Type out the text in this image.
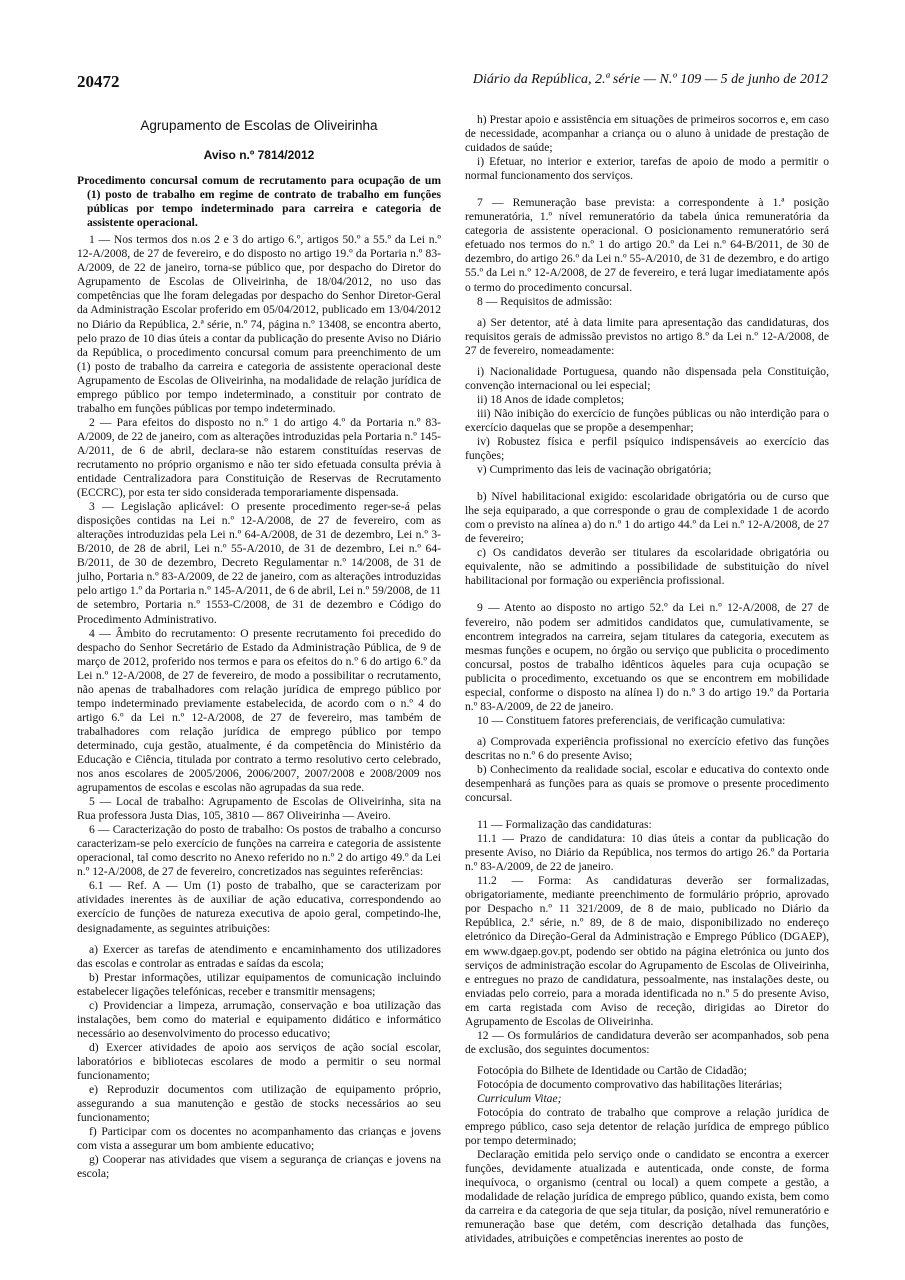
20472	Diário da República, 2.ª série — N.º 109 — 5 de junho de 2012
Agrupamento de Escolas de Oliveirinha
Aviso n.º 7814/2012
Procedimento concursal comum de recrutamento para ocupação de um (1) posto de trabalho em regime de contrato de trabalho em funções públicas por tempo indeterminado para carreira e categoria de assistente operacional.

1 — Nos termos dos n.os 2 e 3 do artigo 6.º, artigos 50.º a 55.º da Lei n.º 12-A/2008, de 27 de fevereiro, e do disposto no artigo 19.º da Portaria n.º 83-A/2009, de 22 de janeiro, torna-se público que, por despacho do Diretor do Agrupamento de Escolas de Oliveirinha, de 18/04/2012, no uso das competências que lhe foram delegadas por despacho do Senhor Diretor-Geral da Administração Escolar proferido em 05/04/2012, publicado em 13/04/2012 no Diário da República, 2.ª série, n.º 74, página n.º 13408, se encontra aberto, pelo prazo de 10 dias úteis a contar da publicação do presente Aviso no Diário da República, o procedimento concursal comum para preenchimento de um (1) posto de trabalho da carreira e categoria de assistente operacional deste Agrupamento de Escolas de Oliveirinha, na modalidade de relação jurídica de emprego público por tempo indeterminado, a constituir por contrato de trabalho em funções públicas por tempo indeterminado.

2 — Para efeitos do disposto no n.º 1 do artigo 4.º da Portaria n.º 83-A/2009, de 22 de janeiro, com as alterações introduzidas pela Portaria n.º 145-A/2011, de 6 de abril, declara-se não estarem constituídas reservas de recrutamento no próprio organismo e não ter sido efetuada consulta prévia à entidade Centralizadora para Constituição de Reservas de Recrutamento (ECCRC), por esta ter sido considerada temporariamente dispensada.

3 — Legislação aplicável: O presente procedimento reger-se-á pelas disposições contidas na Lei n.º 12-A/2008, de 27 de fevereiro, com as alterações introduzidas pela Lei n.º 64-A/2008, de 31 de dezembro, Lei n.º 3-B/2010, de 28 de abril, Lei n.º 55-A/2010, de 31 de dezembro, Lei n.º 64-B/2011, de 30 de dezembro, Decreto Regulamentar n.º 14/2008, de 31 de julho, Portaria n.º 83-A/2009, de 22 de janeiro, com as alterações introduzidas pelo artigo 1.º da Portaria n.º 145-A/2011, de 6 de abril, Lei n.º 59/2008, de 11 de setembro, Portaria n.º 1553-C/2008, de 31 de dezembro e Código do Procedimento Administrativo.

4 — Âmbito do recrutamento: O presente recrutamento foi precedido do despacho do Senhor Secretário de Estado da Administração Pública, de 9 de março de 2012, proferido nos termos e para os efeitos do n.º 6 do artigo 6.º da Lei n.º 12-A/2008, de 27 de fevereiro, de modo a possibilitar o recrutamento, não apenas de trabalhadores com relação jurídica de emprego público por tempo indeterminado previamente estabelecida, de acordo com o n.º 4 do artigo 6.º da Lei n.º 12-A/2008, de 27 de fevereiro, mas também de trabalhadores com relação jurídica de emprego público por tempo determinado, cuja gestão, atualmente, é da competência do Ministério da Educação e Ciência, titulada por contrato a termo resolutivo certo celebrado, nos anos escolares de 2005/2006, 2006/2007, 2007/2008 e 2008/2009 nos agrupamentos de escolas e escolas não agrupadas da sua rede.

5 — Local de trabalho: Agrupamento de Escolas de Oliveirinha, sita na Rua professora Justa Dias, 105, 3810 — 867 Oliveirinha — Aveiro.

6 — Caracterização do posto de trabalho: Os postos de trabalho a concurso caracterizam-se pelo exercício de funções na carreira e categoria de assistente operacional, tal como descrito no Anexo referido no n.º 2 do artigo 49.º da Lei n.º 12-A/2008, de 27 de fevereiro, concretizados nas seguintes referências:

6.1 — Ref. A — Um (1) posto de trabalho, que se caracterizam por atividades inerentes às de auxiliar de ação educativa, correspondendo ao exercício de funções de natureza executiva de apoio geral, competindo-lhe, designadamente, as seguintes atribuições:

a) Exercer as tarefas de atendimento e encaminhamento dos utilizadores das escolas e controlar as entradas e saídas da escola;

b) Prestar informações, utilizar equipamentos de comunicação incluindo estabelecer ligações telefónicas, receber e transmitir mensagens;

c) Providenciar a limpeza, arrumação, conservação e boa utilização das instalações, bem como do material e equipamento didático e informático necessário ao desenvolvimento do processo educativo;

d) Exercer atividades de apoio aos serviços de ação social escolar, laboratórios e bibliotecas escolares de modo a permitir o seu normal funcionamento;

e) Reproduzir documentos com utilização de equipamento próprio, assegurando a sua manutenção e gestão de stocks necessários ao seu funcionamento;

f) Participar com os docentes no acompanhamento das crianças e jovens com vista a assegurar um bom ambiente educativo;

g) Cooperar nas atividades que visem a segurança de crianças e jovens na escola;

h) Prestar apoio e assistência em situações de primeiros socorros e, em caso de necessidade, acompanhar a criança ou o aluno à unidade de prestação de cuidados de saúde;

i) Efetuar, no interior e exterior, tarefas de apoio de modo a permitir o normal funcionamento dos serviços.

7 — Remuneração base prevista: a correspondente à 1.ª posição remuneratória, 1.º nível remuneratório da tabela única remuneratória da categoria de assistente operacional. O posicionamento remuneratório será efetuado nos termos do n.º 1 do artigo 20.º da Lei n.º 64-B/2011, de 30 de dezembro, do artigo 26.º da Lei n.º 55-A/2010, de 31 de dezembro, e do artigo 55.º da Lei n.º 12-A/2008, de 27 de fevereiro, e terá lugar imediatamente após o termo do procedimento concursal.

8 — Requisitos de admissão:

a) Ser detentor, até à data limite para apresentação das candidaturas, dos requisitos gerais de admissão previstos no artigo 8.º da Lei n.º 12-A/2008, de 27 de fevereiro, nomeadamente:

i) Nacionalidade Portuguesa, quando não dispensada pela Constituição, convenção internacional ou lei especial;

ii) 18 Anos de idade completos;

iii) Não inibição do exercício de funções públicas ou não interdição para o exercício daquelas que se propõe a desempenhar;

iv) Robustez física e perfil psíquico indispensáveis ao exercício das funções;

v) Cumprimento das leis de vacinação obrigatória;

b) Nível habilitacional exigido: escolaridade obrigatória ou de curso que lhe seja equiparado, a que corresponde o grau de complexidade 1 de acordo com o previsto na alínea a) do n.º 1 do artigo 44.º da Lei n.º 12-A/2008, de 27 de fevereiro;

c) Os candidatos deverão ser titulares da escolaridade obrigatória ou equivalente, não se admitindo a possibilidade de substituição do nível habilitacional por formação ou experiência profissional.

9 — Atento ao disposto no artigo 52.º da Lei n.º 12-A/2008, de 27 de fevereiro, não podem ser admitidos candidatos que, cumulativamente, se encontrem integrados na carreira, sejam titulares da categoria, executem as mesmas funções e ocupem, no órgão ou serviço que publicita o procedimento concursal, postos de trabalho idênticos àqueles para cuja ocupação se publicita o procedimento, excetuando os que se encontrem em mobilidade especial, conforme o disposto na alínea l) do n.º 3 do artigo 19.º da Portaria n.º 83-A/2009, de 22 de janeiro.

10 — Constituem fatores preferenciais, de verificação cumulativa:

a) Comprovada experiência profissional no exercício efetivo das funções descritas no n.º 6 do presente Aviso;

b) Conhecimento da realidade social, escolar e educativa do contexto onde desempenhará as funções para as quais se promove o presente procedimento concursal.

11 — Formalização das candidaturas:

11.1 — Prazo de candidatura: 10 dias úteis a contar da publicação do presente Aviso, no Diário da República, nos termos do artigo 26.º da Portaria n.º 83-A/2009, de 22 de janeiro.

11.2 — Forma: As candidaturas deverão ser formalizadas, obrigatoriamente, mediante preenchimento de formulário próprio, aprovado por Despacho n.º 11 321/2009, de 8 de maio, publicado no Diário da República, 2.ª série, n.º 89, de 8 de maio, disponibilizado no endereço eletrónico da Direção-Geral da Administração e Emprego Público (DGAEP), em www.dgaep.gov.pt, podendo ser obtido na página eletrónica ou junto dos serviços de administração escolar do Agrupamento de Escolas de Oliveirinha, e entregues no prazo de candidatura, pessoalmente, nas instalações deste, ou enviadas pelo correio, para a morada identificada no n.º 5 do presente Aviso, em carta registada com Aviso de receção, dirigidas ao Diretor do Agrupamento de Escolas de Oliveirinha.

12 — Os formulários de candidatura deverão ser acompanhados, sob pena de exclusão, dos seguintes documentos:

Fotocópia do Bilhete de Identidade ou Cartão de Cidadão;

Fotocópia de documento comprovativo das habilitações literárias;

Curriculum Vitae;

Fotocópia do contrato de trabalho que comprove a relação jurídica de emprego público, caso seja detentor de relação jurídica de emprego público por tempo determinado;

Declaração emitida pelo serviço onde o candidato se encontra a exercer funções, devidamente atualizada e autenticada, onde conste, de forma inequívoca, o organismo (central ou local) a quem compete a gestão, a modalidade de relação jurídica de emprego público, quando exista, bem como da carreira e da categoria de que seja titular, da posição, nível remuneratório e remuneração base que detém, com descrição detalhada das funções, atividades, atribuições e competências inerentes ao posto de
